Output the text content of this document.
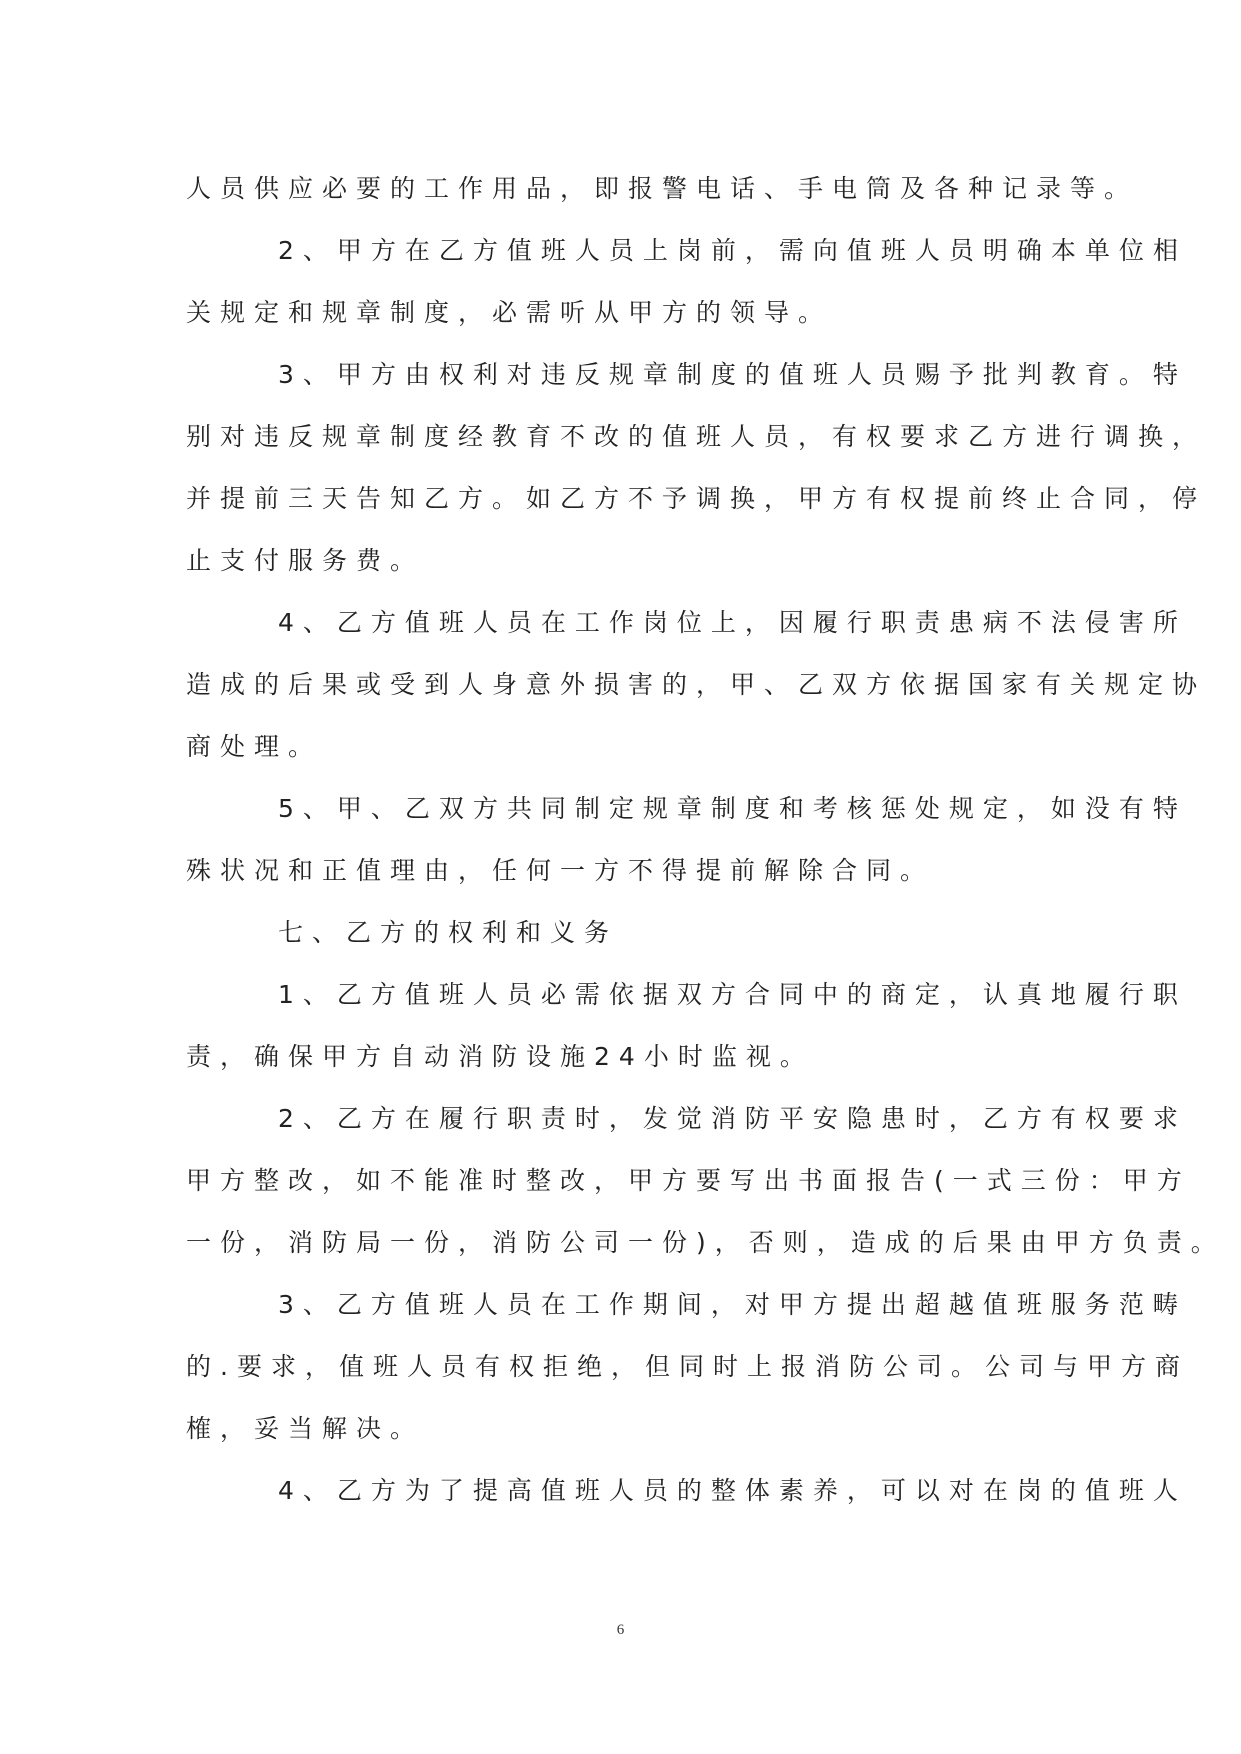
人员供应必要的工作用品，即报警电话、手电筒及各种记录等。
2、甲方在乙方值班人员上岗前，需向值班人员明确本单位相
关规定和规章制度，必需听从甲方的领导。
3、甲方由权利对违反规章制度的值班人员赐予批判教育。特
别对违反规章制度经教育不改的值班人员，有权要求乙方进行调换，
并提前三天告知乙方。如乙方不予调换，甲方有权提前终止合同，停
止支付服务费。
4、乙方值班人员在工作岗位上，因履行职责患病不法侵害所
造成的后果或受到人身意外损害的，甲、乙双方依据国家有关规定协
商处理。
5、甲、乙双方共同制定规章制度和考核惩处规定，如没有特
殊状况和正值理由，任何一方不得提前解除合同。
七、乙方的权利和义务
1、乙方值班人员必需依据双方合同中的商定，认真地履行职
责，确保甲方自动消防设施24小时监视。
2、乙方在履行职责时，发觉消防平安隐患时，乙方有权要求
甲方整改，如不能准时整改，甲方要写出书面报告(一式三份：甲方
一份，消防局一份，消防公司一份)，否则，造成的后果由甲方负责。
3、乙方值班人员在工作期间，对甲方提出超越值班服务范畴
的.要求，值班人员有权拒绝，但同时上报消防公司。公司与甲方商
榷，妥当解决。
4、乙方为了提高值班人员的整体素养，可以对在岗的值班人
6
